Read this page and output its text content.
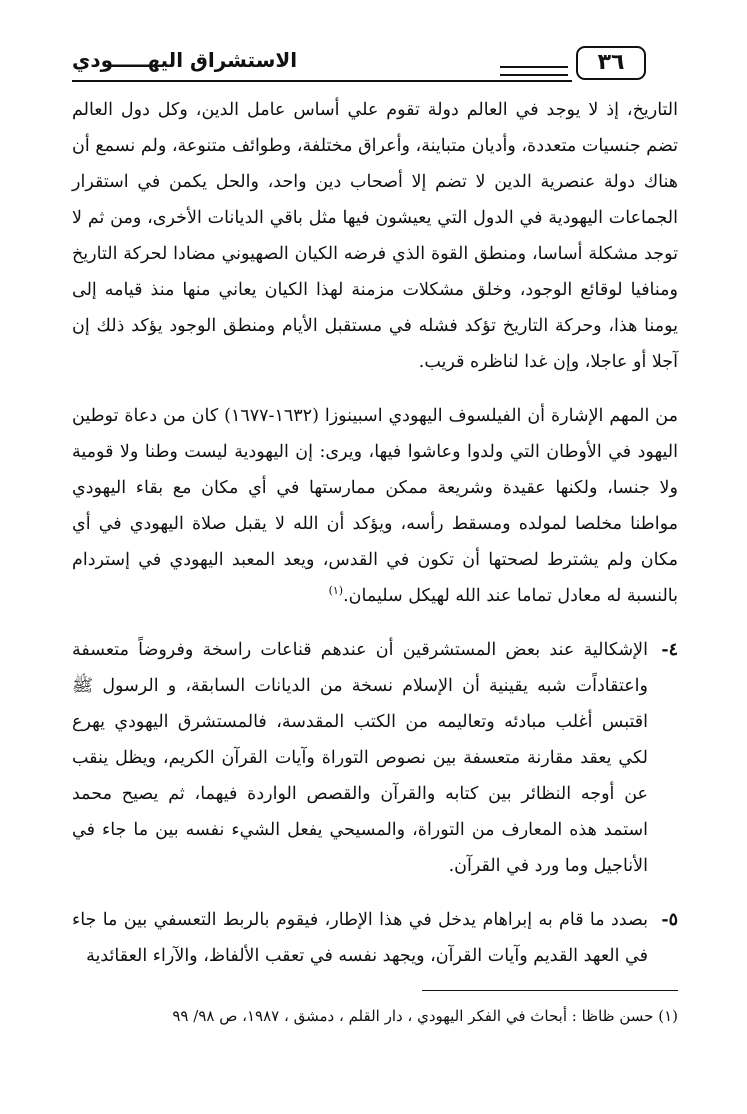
الاستشراق اليهـــــودي	٣٦

التاريخ، إذ لا يوجد في العالم دولة تقوم علي أساس عامل الدين، وكل دول العالم تضم جنسيات متعددة، وأديان متباينة، وأعراق مختلفة، وطوائف متنوعة، ولم نسمع أن هناك دولة عنصرية الدين لا تضم إلا أصحاب دين واحد، والحل يكمن في استقرار الجماعات اليهودية في الدول التي يعيشون فيها مثل باقي الديانات الأخرى، ومن ثم لا توجد مشكلة أساسا، ومنطق القوة الذي فرضه الكيان الصهيوني مضادا لحركة التاريخ ومنافيا لوقائع الوجود، وخلق مشكلات مزمنة لهذا الكيان يعاني منها منذ قيامه إلى يومنا هذا، وحركة التاريخ تؤكد فشله في مستقبل الأيام ومنطق الوجود يؤكد ذلك إن آجلا أو عاجلا، وإن غدا لناظره قريب.

من المهم الإشارة أن الفيلسوف اليهودي اسبينوزا (١٦٣٢-١٦٧٧) كان من دعاة توطين اليهود في الأوطان التي ولدوا وعاشوا فيها، ويرى: إن اليهودية ليست وطنا ولا قومية ولا جنسا، ولكنها عقيدة وشريعة ممكن ممارستها في أي مكان مع بقاء اليهودي مواطنا مخلصا لمولده ومسقط رأسه، ويؤكد أن الله لا يقبل صلاة اليهودي في أي مكان ولم يشترط لصحتها أن تكون في القدس، ويعد المعبد اليهودي في إستردام بالنسبة له معادل تماما عند الله لهيكل سليمان.$^{(١)}$

٤-
الإشكالية عند بعض المستشرقين أن عندهم قناعات راسخة وفروضاً متعسفة واعتقاداًت شبه يقينية أن الإسلام نسخة من الديانات السابقة، و الرسول ﷺ اقتبس أغلب مبادئه وتعاليمه من الكتب المقدسة، فالمستشرق اليهودي يهرع لكي يعقد مقارنة متعسفة بين نصوص التوراة وآيات القرآن الكريم، ويظل ينقب عن أوجه النظائر بين كتابه والقرآن والقصص الواردة فيهما، ثم يصيح محمد استمد هذه المعارف من التوراة، والمسيحي يفعل الشيء نفسه بين ما جاء في الأناجيل وما ورد في القرآن.
٥-
بصدد ما قام به إبراهام يدخل في هذا الإطار، فيقوم بالربط التعسفي بين ما جاء في العهد القديم وآيات القرآن، ويجهد نفسه في تعقب الألفاظ، والآراء العقائدية
(١) حسن ظاظا : أبحاث في الفكر اليهودي ، دار القلم ، دمشق ، ١٩٨٧، ص ٩٨/ ٩٩
